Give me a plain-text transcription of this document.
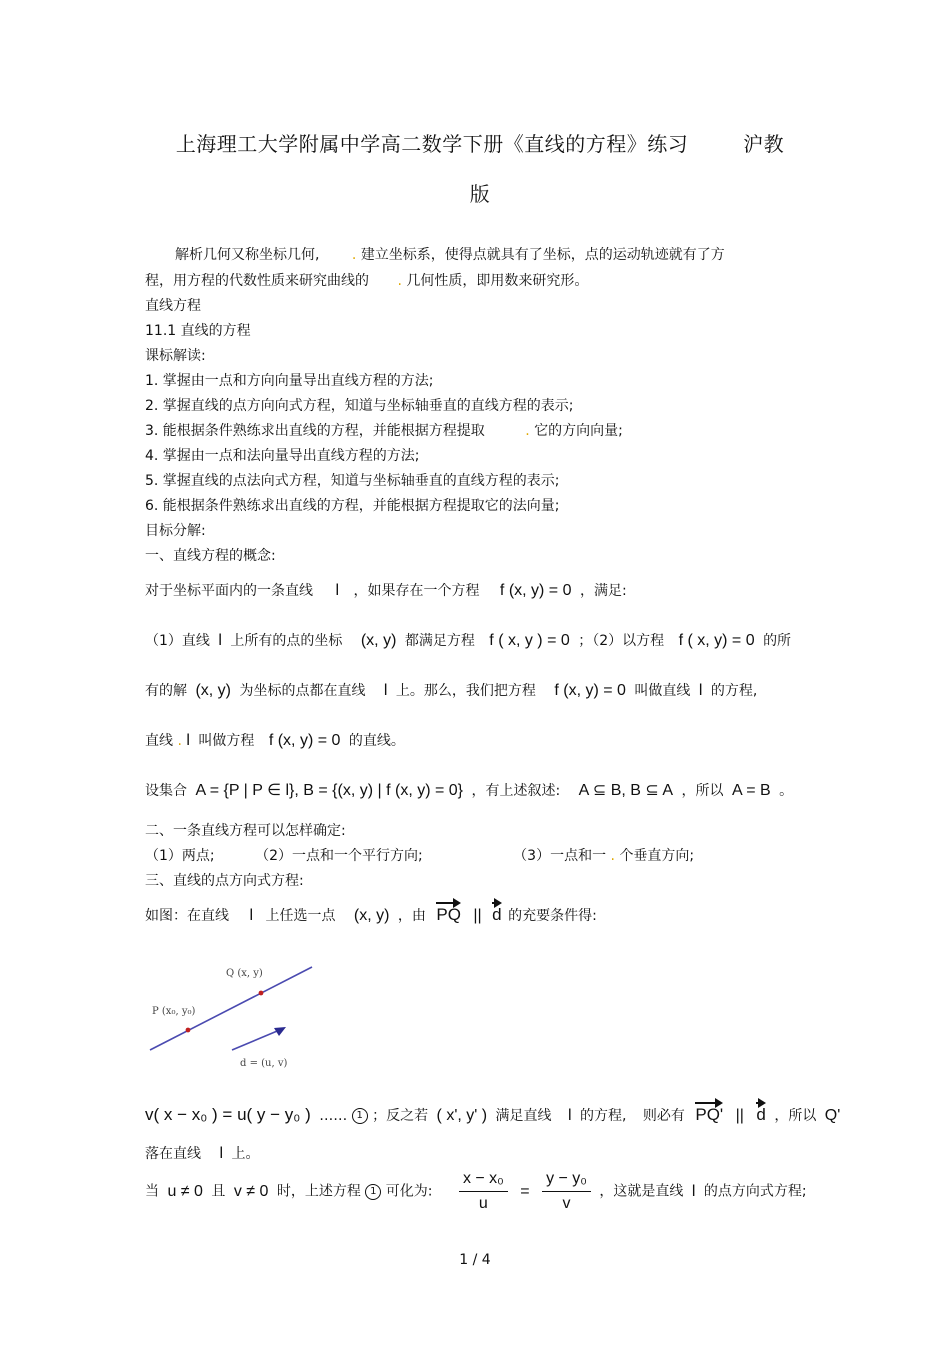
上海理工大学附属中学高二数学下册《直线的方程》练习	沪教
版
解析几何又称坐标几何, . 建立坐标系，使得点就具有了坐标，点的运动轨迹就有了方
程，用方程的代数性质来研究曲线的 . 几何性质，即用数来研究形。
直线方程
11.1 直线的方程
课标解读:
1. 掌握由一点和方向向量导出直线方程的方法;
2. 掌握直线的点方向向式方程，知道与坐标轴垂直的直线方程的表示;
3. 能根据条件熟练求出直线的方程，并能根据方程提取	. 它的方向向量;
4. 掌握由一点和法向量导出直线方程的方法;
5. 掌握直线的点法向式方程，知道与坐标轴垂直的直线方程的表示;
6. 能根据条件熟练求出直线的方程，并能根据方程提取它的法向量;
目标分解:
一、直线方程的概念:
对于坐标平面内的一条直线 l ，如果存在一个方程 f (x, y) = 0 ，满足:
（1）直线 l 上所有的点的坐标 (x, y) 都满足方程 f ( x, y ) = 0 ；（2）以方程 f ( x, y) = 0 的所
有的解 (x, y) 为坐标的点都在直线 l 上。那么，我们把方程 f (x, y) = 0 叫做直线 l 的方程,
直线 . l 叫做方程 f (x, y) = 0 的直线。
设集合 A = {P | P ∈ l}, B = {(x, y) | f (x, y) = 0} ，有上述叙述: A ⊆ B, B ⊆ A ，所以 A = B 。
二、一条直线方程可以怎样确定:
（1）两点;	（2）一点和一个平行方向;	（3）一点和一 . 个垂直方向;
三、直线的点方向式方程:
如图：在直线 l 上任选一点 (x, y) ，由 PQ || d 的充要条件得:
Q (x, y)
P (x₀, y₀)
d = (u, v)
v( x − x₀ ) = u( y − y₀ ) …… 1 ；反之若 ( x', y' ) 满足直线 l 的方程, 则必有 PQ' || d ，所以 Q'
落在直线 l 上。
当 u ≠ 0 且 v ≠ 0 时，上述方程 1 可化为: $\frac{\text{x − x₀}}{u} = \frac{\text{y − y₀}}{v}$ ，这就是直线 l 的点方向式方程;
1 / 4
